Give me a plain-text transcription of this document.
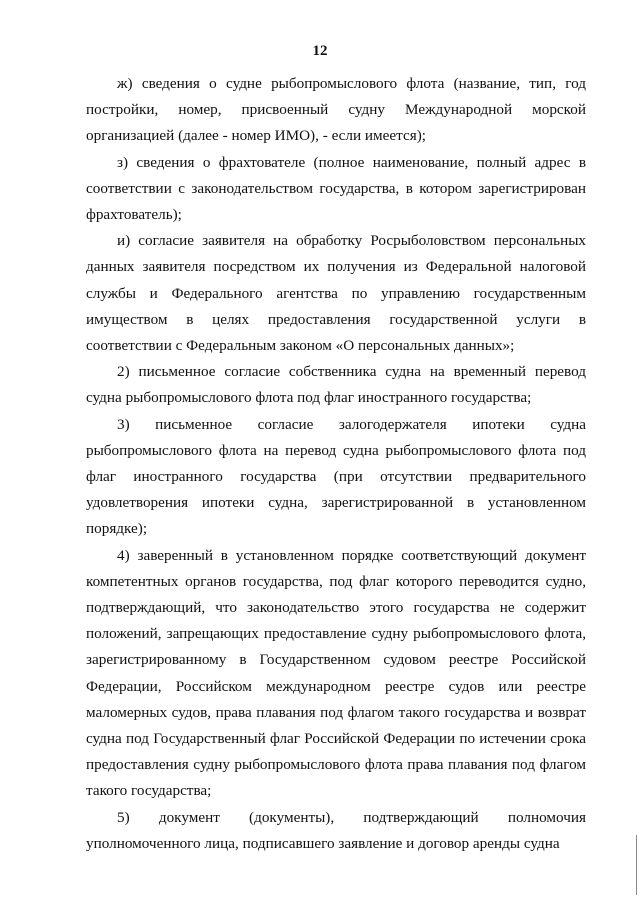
12

ж) сведения о судне рыбопромыслового флота (название, тип, год постройки, номер, присвоенный судну Международной морской организацией (далее - номер ИМО), - если имеется);

з) сведения о фрахтователе (полное наименование, полный адрес в соответствии с законодательством государства, в котором зарегистрирован фрахтователь);

и) согласие заявителя на обработку Росрыболовством персональных данных заявителя посредством их получения из Федеральной налоговой службы и Федерального агентства по управлению государственным имуществом в целях предоставления государственной услуги в соответствии с Федеральным законом «О персональных данных»;

2) письменное согласие собственника судна на временный перевод судна рыбопромыслового флота под флаг иностранного государства;

3) письменное согласие залогодержателя ипотеки судна рыбопромыслового флота на перевод судна рыбопромыслового флота под флаг иностранного государства (при отсутствии предварительного удовлетворения ипотеки судна, зарегистрированной в установленном порядке);

4) заверенный в установленном порядке соответствующий документ компетентных органов государства, под флаг которого переводится судно, подтверждающий, что законодательство этого государства не содержит положений, запрещающих предоставление судну рыбопромыслового флота, зарегистрированному в Государственном судовом реестре Российской Федерации, Российском международном реестре судов или реестре маломерных судов, права плавания под флагом такого государства и возврат судна под Государственный флаг Российской Федерации по истечении срока предоставления судну рыбопромыслового флота права плавания под флагом такого государства;

5) документ (документы), подтверждающий полномочия уполномоченного лица, подписавшего заявление и договор аренды судна
